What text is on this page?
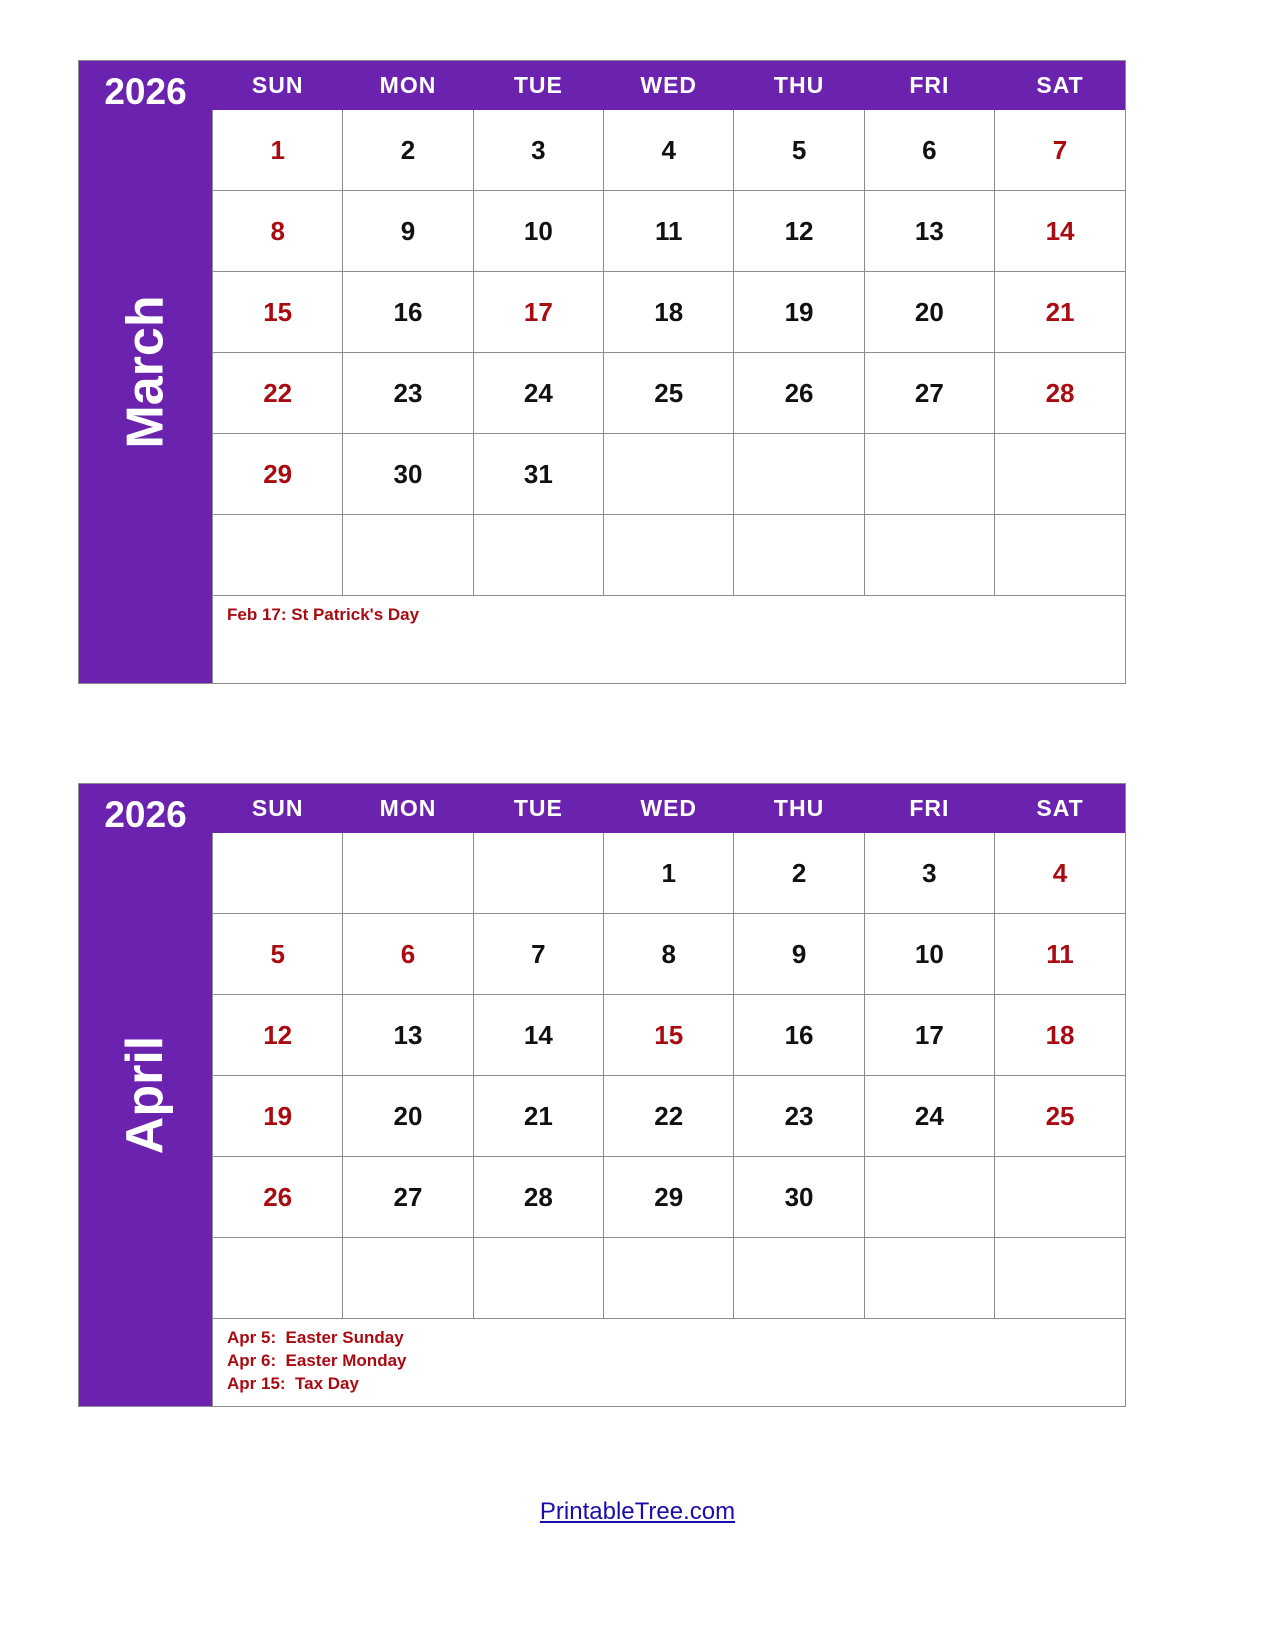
2026
March
SUN	MON	TUE	WED	THU	FRI	SAT
1	2	3	4	5	6	7
8	9	10	11	12	13	14
15	16	17	18	19	20	21
22	23	24	25	26	27	28
29	30	31				

Feb 17: St Patrick's Day						
2026
April
SUN	MON	TUE	WED	THU	FRI	SAT
			1	2	3	4
5	6	7	8	9	10	11
12	13	14	15	16	17	18
19	20	21	22	23	24	25
26	27	28	29	30		

Apr 5:  Easter Sunday
Apr 6:  Easter Monday
Apr 15:  Tax Day						
PrintableTree.com
